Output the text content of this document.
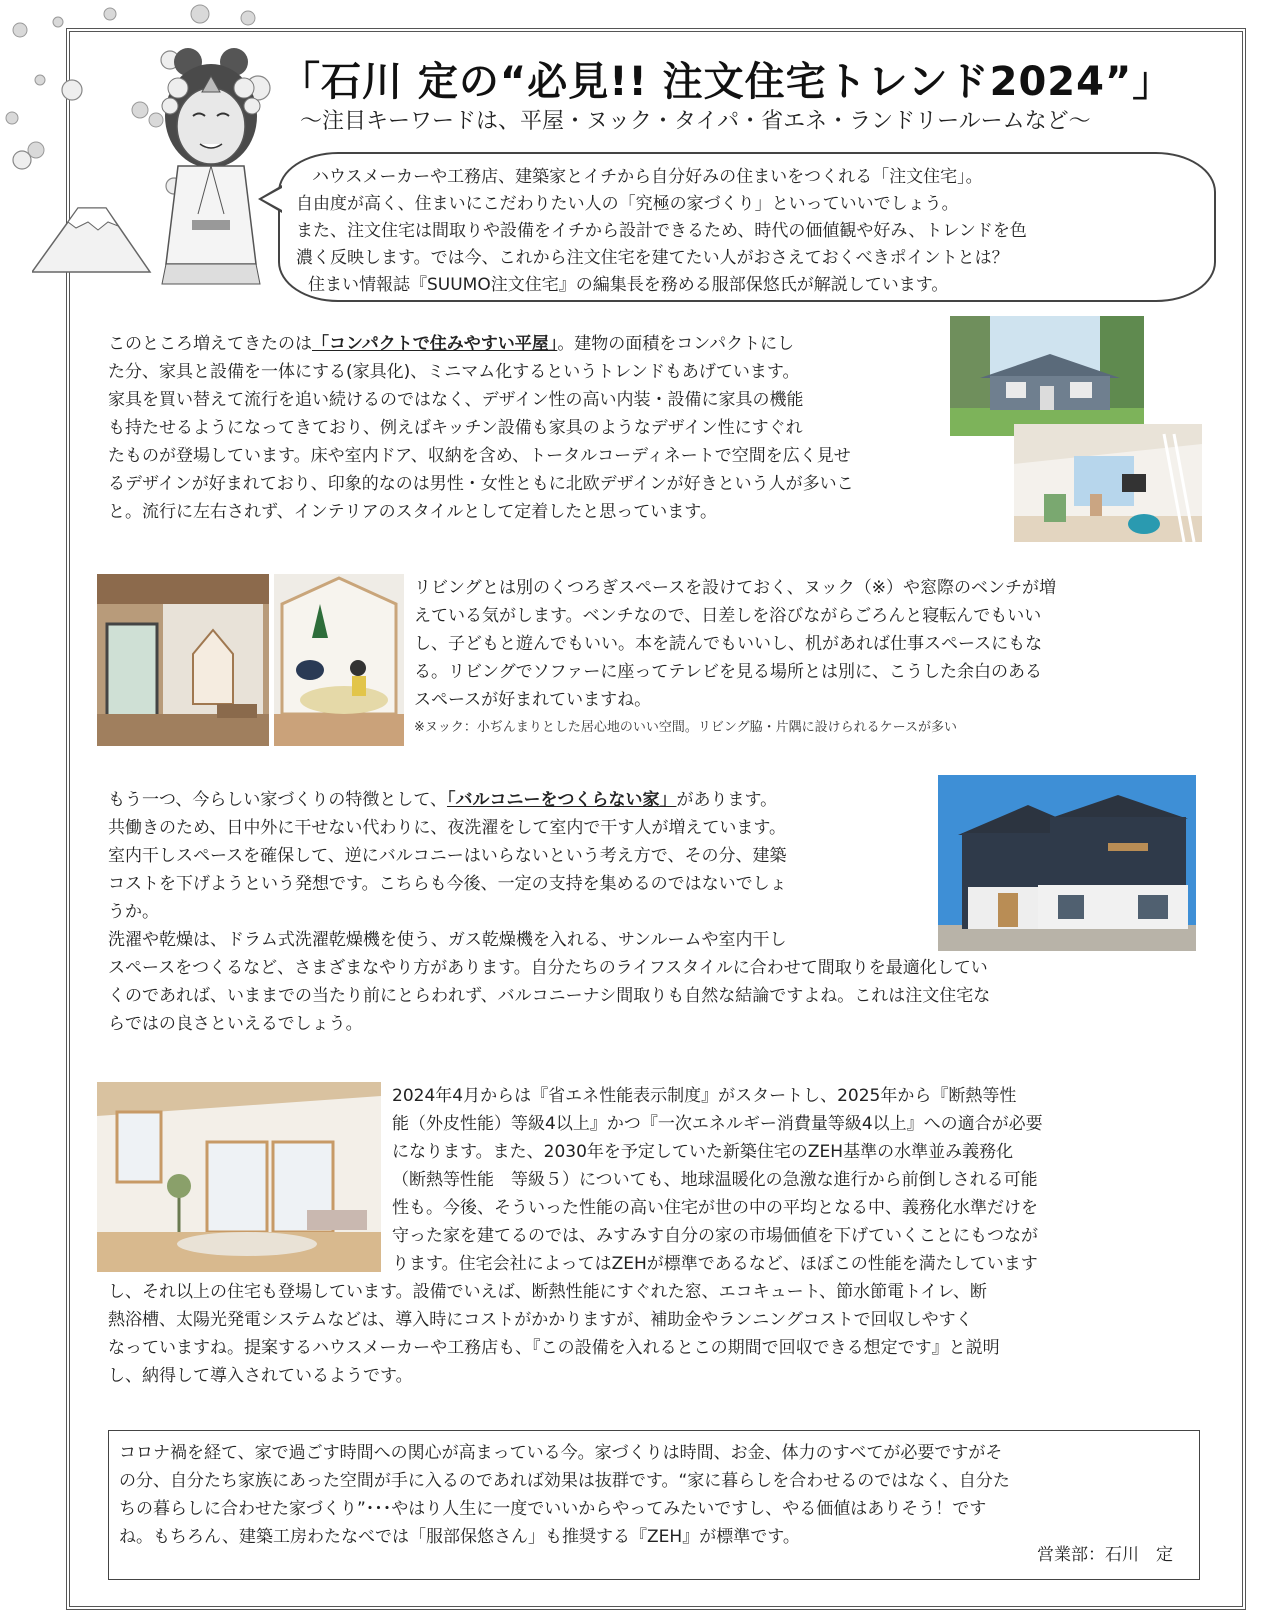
「石川 定の“必見!! 注文住宅トレンド2024”」
～注目キーワードは、平屋・ヌック・タイパ・省エネ・ランドリールームなど～

ハウスメーカーや工務店、建築家とイチから自分好みの住まいをつくれる「注文住宅」。

自由度が高く、住まいにこだわりたい人の「究極の家づくり」といっていいでしょう。

また、注文住宅は間取りや設備をイチから設計できるため、時代の価値観や好み、トレンドを色

濃く反映します。では今、これから注文住宅を建てたい人がおさえておくべきポイントとは？

住まい情報誌『SUUMO注文住宅』の編集長を務める服部保悠氏が解説しています。

このところ増えてきたのは「コンパクトで住みやすい平屋」。建物の面積をコンパクトにし

た分、家具と設備を一体にする(家具化)、ミニマム化するというトレンドもあげています。

家具を買い替えて流行を追い続けるのではなく、デザイン性の高い内装・設備に家具の機能

も持たせるようになってきており、例えばキッチン設備も家具のようなデザイン性にすぐれ

たものが登場しています。床や室内ドア、収納を含め、トータルコーディネートで空間を広く見せ

るデザインが好まれており、印象的なのは男性・女性ともに北欧デザインが好きという人が多いこ

と。流行に左右されず、インテリアのスタイルとして定着したと思っています。

リビングとは別のくつろぎスペースを設けておく、ヌック（※）や窓際のベンチが増

えている気がします。ベンチなので、日差しを浴びながらごろんと寝転んでもいい

し、子どもと遊んでもいい。本を読んでもいいし、机があれば仕事スペースにもな

る。リビングでソファーに座ってテレビを見る場所とは別に、こうした余白のある

スペースが好まれていますね。

※ヌック：小ぢんまりとした居心地のいい空間。リビング脇・片隅に設けられるケースが多い

もう一つ、今らしい家づくりの特徴として、「バルコニーをつくらない家」があります。

共働きのため、日中外に干せない代わりに、夜洗濯をして室内で干す人が増えています。

室内干しスペースを確保して、逆にバルコニーはいらないという考え方で、その分、建築

コストを下げようという発想です。こちらも今後、一定の支持を集めるのではないでしょ

うか。

洗濯や乾燥は、ドラム式洗濯乾燥機を使う、ガス乾燥機を入れる、サンルームや室内干し

スペースをつくるなど、さまざまなやり方があります。自分たちのライフスタイルに合わせて間取りを最適化してい

くのであれば、いままでの当たり前にとらわれず、バルコニーナシ間取りも自然な結論ですよね。これは注文住宅な

らではの良さといえるでしょう。

2024年4月からは『省エネ性能表示制度』がスタートし、2025年から『断熱等性

能（外皮性能）等級4以上』かつ『一次エネルギー消費量等級4以上』への適合が必要

になります。また、2030年を予定していた新築住宅のZEH基準の水準並み義務化

（断熱等性能　等級５）についても、地球温暖化の急激な進行から前倒しされる可能

性も。今後、そういった性能の高い住宅が世の中の平均となる中、義務化水準だけを

守った家を建てるのでは、みすみす自分の家の市場価値を下げていくことにもつなが

ります。住宅会社によってはZEHが標準であるなど、ほぼこの性能を満たしています

し、それ以上の住宅も登場しています。設備でいえば、断熱性能にすぐれた窓、エコキュート、節水節電トイレ、断

熱浴槽、太陽光発電システムなどは、導入時にコストがかかりますが、補助金やランニングコストで回収しやすく

なっていますね。提案するハウスメーカーや工務店も、『この設備を入れるとこの期間で回収できる想定です』と説明

し、納得して導入されているようです。

コロナ禍を経て、家で過ごす時間への関心が高まっている今。家づくりは時間、お金、体力のすべてが必要ですがそ

の分、自分たち家族にあった空間が手に入るのであれば効果は抜群です。“家に暮らしを合わせるのではなく、自分た

ちの暮らしに合わせた家づくり”･･･やはり人生に一度でいいからやってみたいですし、やる価値はありそう！です

ね。もちろん、建築工房わたなべでは「服部保悠さん」も推奨する『ZEH』が標準です。

営業部：石川　定
